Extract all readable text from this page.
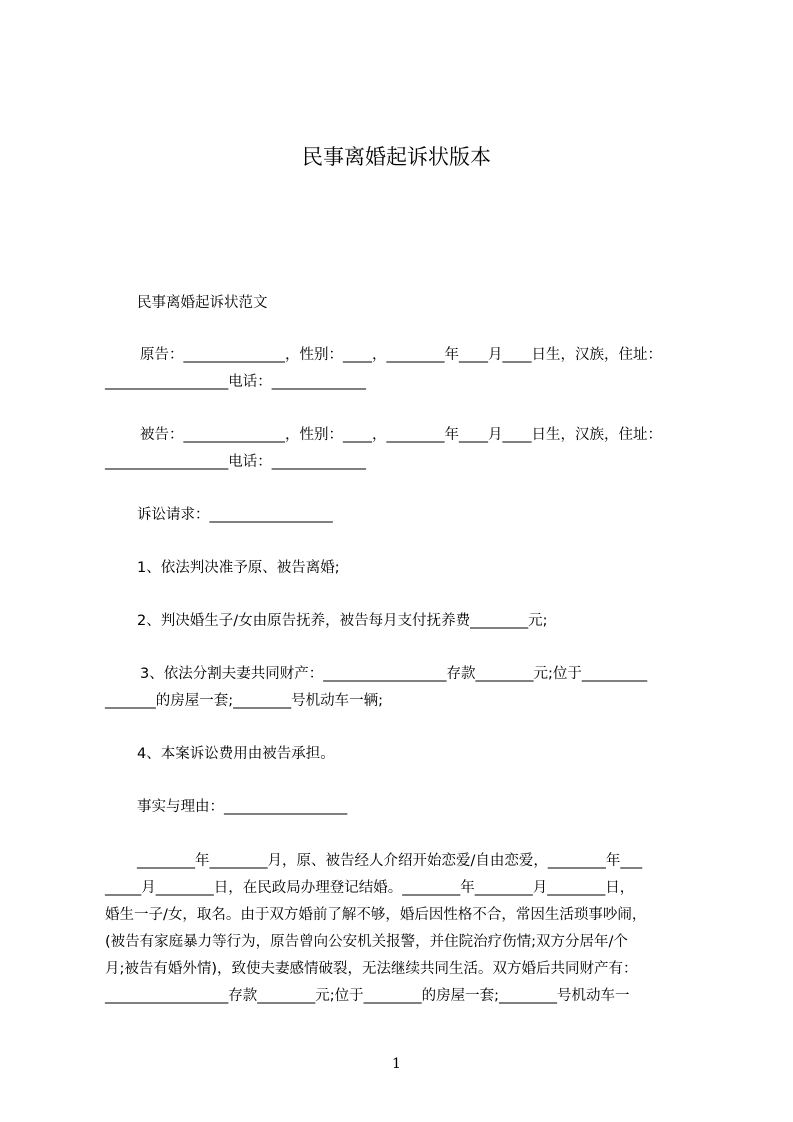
民事离婚起诉状版本
民事离婚起诉状范文
原告：______________，性别：____，________年____月____日生，汉族，住址：
_________________电话：_____________
被告：______________，性别：____，________年____月____日生，汉族，住址：
_________________电话：_____________
诉讼请求：_________________
1、依法判决准予原、被告离婚;
2、判决婚生子/女由原告抚养，被告每月支付抚养费________元;
3、依法分割夫妻共同财产：_________________存款________元;位于_________
_______的房屋一套;________号机动车一辆;
4、本案诉讼费用由被告承担。
事实与理由：_________________
________年________月，原、被告经人介绍开始恋爱/自由恋爱，________年___
_____月________日，在民政局办理登记结婚。________年________月________日，
婚生一子/女，取名。由于双方婚前了解不够，婚后因性格不合，常因生活琐事吵闹，
(被告有家庭暴力等行为，原告曾向公安机关报警，并住院治疗伤情;双方分居年/个
月;被告有婚外情)，致使夫妻感情破裂，无法继续共同生活。双方婚后共同财产有：
_________________存款________元;位于________的房屋一套;________号机动车一
1
